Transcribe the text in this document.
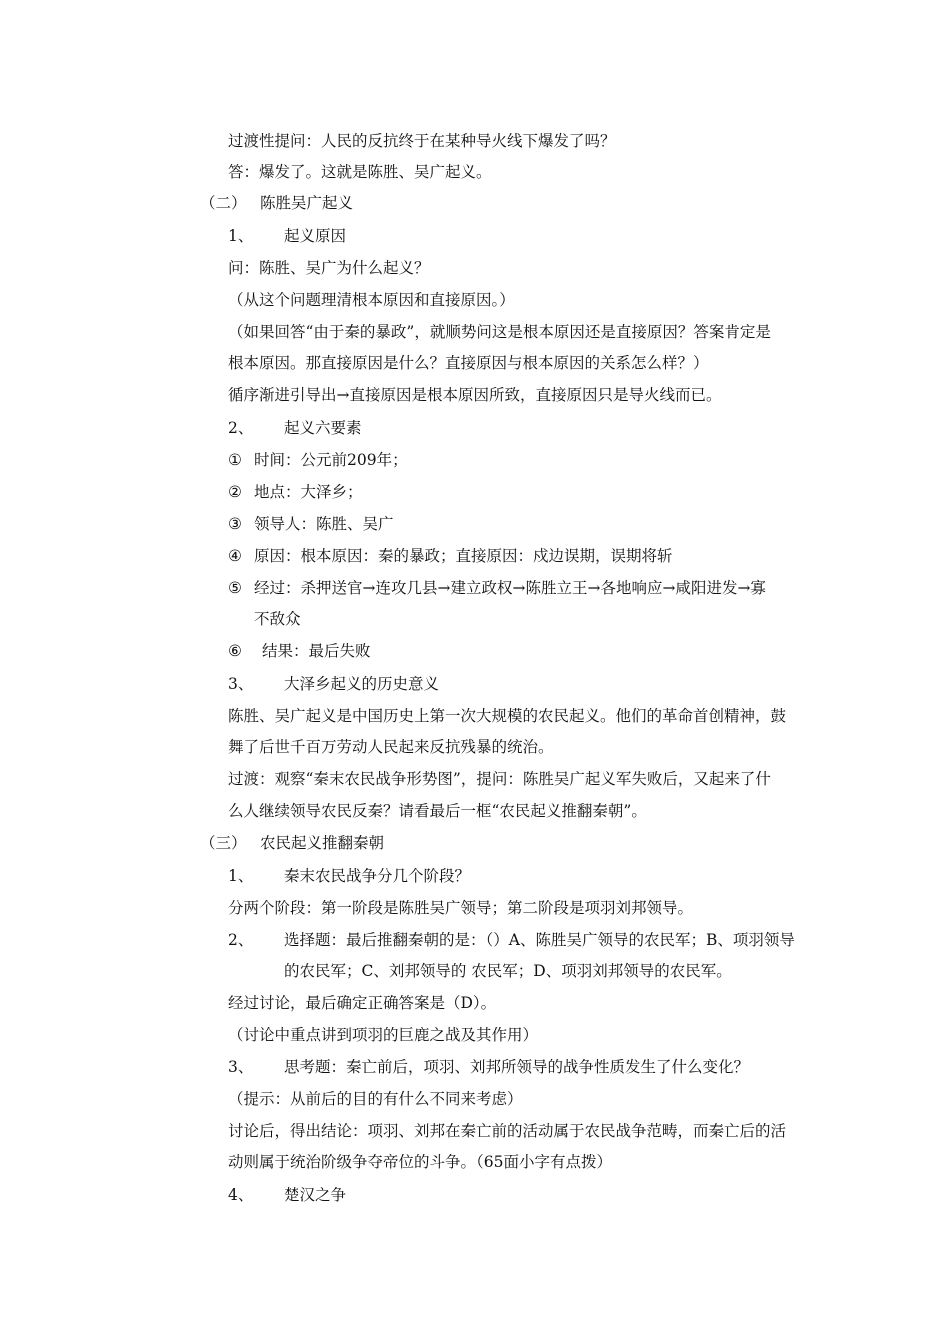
过渡性提问：人民的反抗终于在某种导火线下爆发了吗？
答：爆发了。这就是陈胜、吴广起义。
（二） 陈胜吴广起义
1、 起义原因
问：陈胜、吴广为什么起义？
（从这个问题理清根本原因和直接原因。）
（如果回答“由于秦的暴政”，就顺势问这是根本原因还是直接原因？答案肯定是
根本原因。那直接原因是什么？直接原因与根本原因的关系怎么样？）
循序渐进引导出→直接原因是根本原因所致，直接原因只是导火线而已。
2、 起义六要素
① 时间：公元前209年；
② 地点：大泽乡；
③ 领导人：陈胜、吴广
④ 原因：根本原因：秦的暴政；直接原因：戍边误期，误期将斩
⑤ 经过：杀押送官→连攻几县→建立政权→陈胜立王→各地响应→咸阳进发→寡
不敌众
⑥ 结果：最后失败
3、 大泽乡起义的历史意义
陈胜、吴广起义是中国历史上第一次大规模的农民起义。他们的革命首创精神，鼓
舞了后世千百万劳动人民起来反抗残暴的统治。
过渡：观察“秦末农民战争形势图”，提问：陈胜吴广起义军失败后，又起来了什
么人继续领导农民反秦？请看最后一框“农民起义推翻秦朝”。
（三） 农民起义推翻秦朝
1、 秦末农民战争分几个阶段？
分两个阶段：第一阶段是陈胜吴广领导；第二阶段是项羽刘邦领导。
2、 选择题：最后推翻秦朝的是：（）A、陈胜吴广领导的农民军；B、项羽领导
的农民军；C、刘邦领导的 农民军；D、项羽刘邦领导的农民军。
经过讨论，最后确定正确答案是（D）。
（讨论中重点讲到项羽的巨鹿之战及其作用）
3、 思考题：秦亡前后，项羽、刘邦所领导的战争性质发生了什么变化？
（提示：从前后的目的有什么不同来考虑）
讨论后，得出结论：项羽、刘邦在秦亡前的活动属于农民战争范畴，而秦亡后的活
动则属于统治阶级争夺帝位的斗争。（65面小字有点拨）
4、 楚汉之争
